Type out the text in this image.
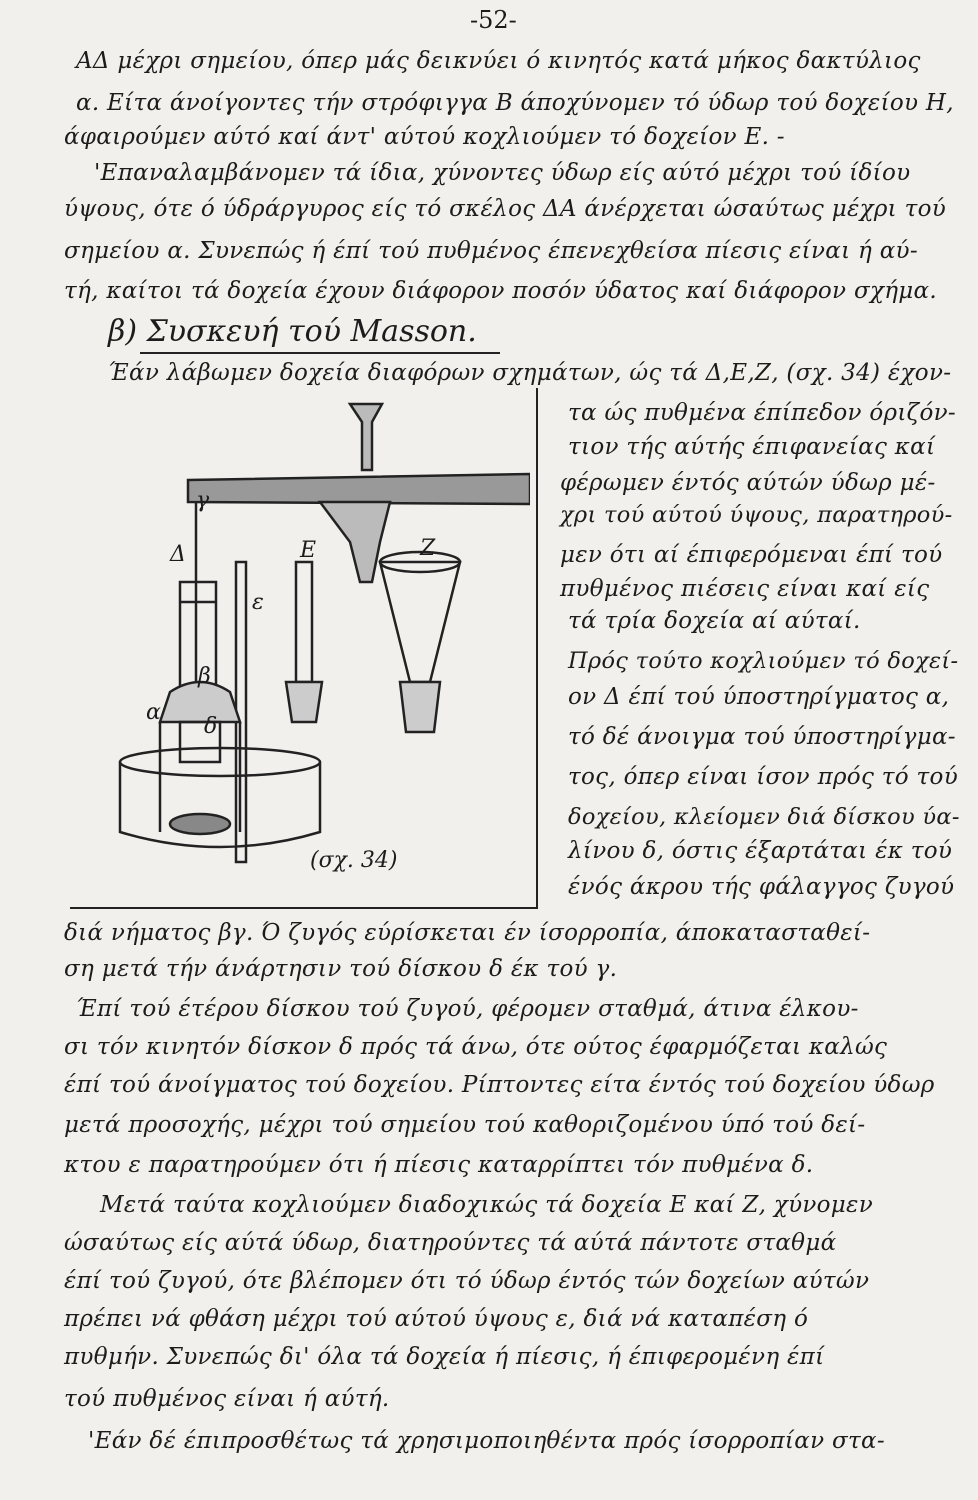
-52-
ΑΔ μέχρι σημείου, όπερ μάς δεικνύει ό κινητός κατά μήκος δακτύλιος
α. Είτα άνοίγοντες τήν στρόφιγγα Β άποχύνομεν τό ύδωρ τού δοχείου Η,
άφαιρούμεν αύτό καί άντ' αύτού κοχλιούμεν τό δοχείον Ε. -
'Επαναλαμβάνομεν τά ίδια, χύνοντες ύδωρ είς αύτό μέχρι τού ίδίου
ύψους, ότε ό ύδράργυρος είς τό σκέλος ΔΑ άνέρχεται ώσαύτως μέχρι τού
σημείου α. Συνεπώς ή έπί τού πυθμένος έπενεχθείσα πίεσις είναι ή αύ-
τή, καίτοι τά δοχεία έχουν διάφορον ποσόν ύδατος καί διάφορον σχήμα.
β) Συσκευή τού Masson.
Έάν λάβωμεν δοχεία διαφόρων σχημάτων, ώς τά Δ,Ε,Ζ, (σχ. 34) έχον-
τα ώς πυθμένα έπίπεδον όριζόν-
τιον τής αύτής έπιφανείας καί
φέρωμεν έντός αύτών ύδωρ μέ-
χρι τού αύτού ύψους, παρατηρού-
μεν ότι αί έπιφερόμεναι έπί τού
πυθμένος πιέσεις είναι καί είς
τά τρία δοχεία αί αύταί.
Πρός τούτο κοχλιούμεν τό δοχεί-
ον Δ έπί τού ύποστηρίγματος α,
τό δέ άνοιγμα τού ύποστηρίγμα-
τος, όπερ είναι ίσον πρός τό τού
δοχείου, κλείομεν διά δίσκου ύα-
λίνου δ, όστις έξαρτάται έκ τού
ένός άκρου τής φάλαγγος ζυγού
Δ	Ε	Ζ
ε
β
α
δ
γ
(σχ. 34)
διά νήματος βγ. Ό ζυγός εύρίσκεται έν ίσορροπία, άποκατασταθεί-
ση μετά τήν άνάρτησιν τού δίσκου δ έκ τού γ.
Έπί τού έτέρου δίσκου τού ζυγού, φέρομεν σταθμά, άτινα έλκου-
σι τόν κινητόν δίσκον δ πρός τά άνω, ότε ούτος έφαρμόζεται καλώς
έπί τού άνοίγματος τού δοχείου. Ρίπτοντες είτα έντός τού δοχείου ύδωρ
μετά προσοχής, μέχρι τού σημείου τού καθοριζομένου ύπό τού δεί-
κτου ε παρατηρούμεν ότι ή πίεσις καταρρίπτει τόν πυθμένα δ.
Μετά ταύτα κοχλιούμεν διαδοχικώς τά δοχεία Ε καί Ζ, χύνομεν
ώσαύτως είς αύτά ύδωρ, διατηρούντες τά αύτά πάντοτε σταθμά
έπί τού ζυγού, ότε βλέπομεν ότι τό ύδωρ έντός τών δοχείων αύτών
πρέπει νά φθάση μέχρι τού αύτού ύψους ε, διά νά καταπέση ό
πυθμήν. Συνεπώς δι' όλα τά δοχεία ή πίεσις, ή έπιφερομένη έπί
τού πυθμένος είναι ή αύτή.
'Εάν δέ έπιπροσθέτως τά χρησιμοποιηθέντα πρός ίσορροπίαν στα-
